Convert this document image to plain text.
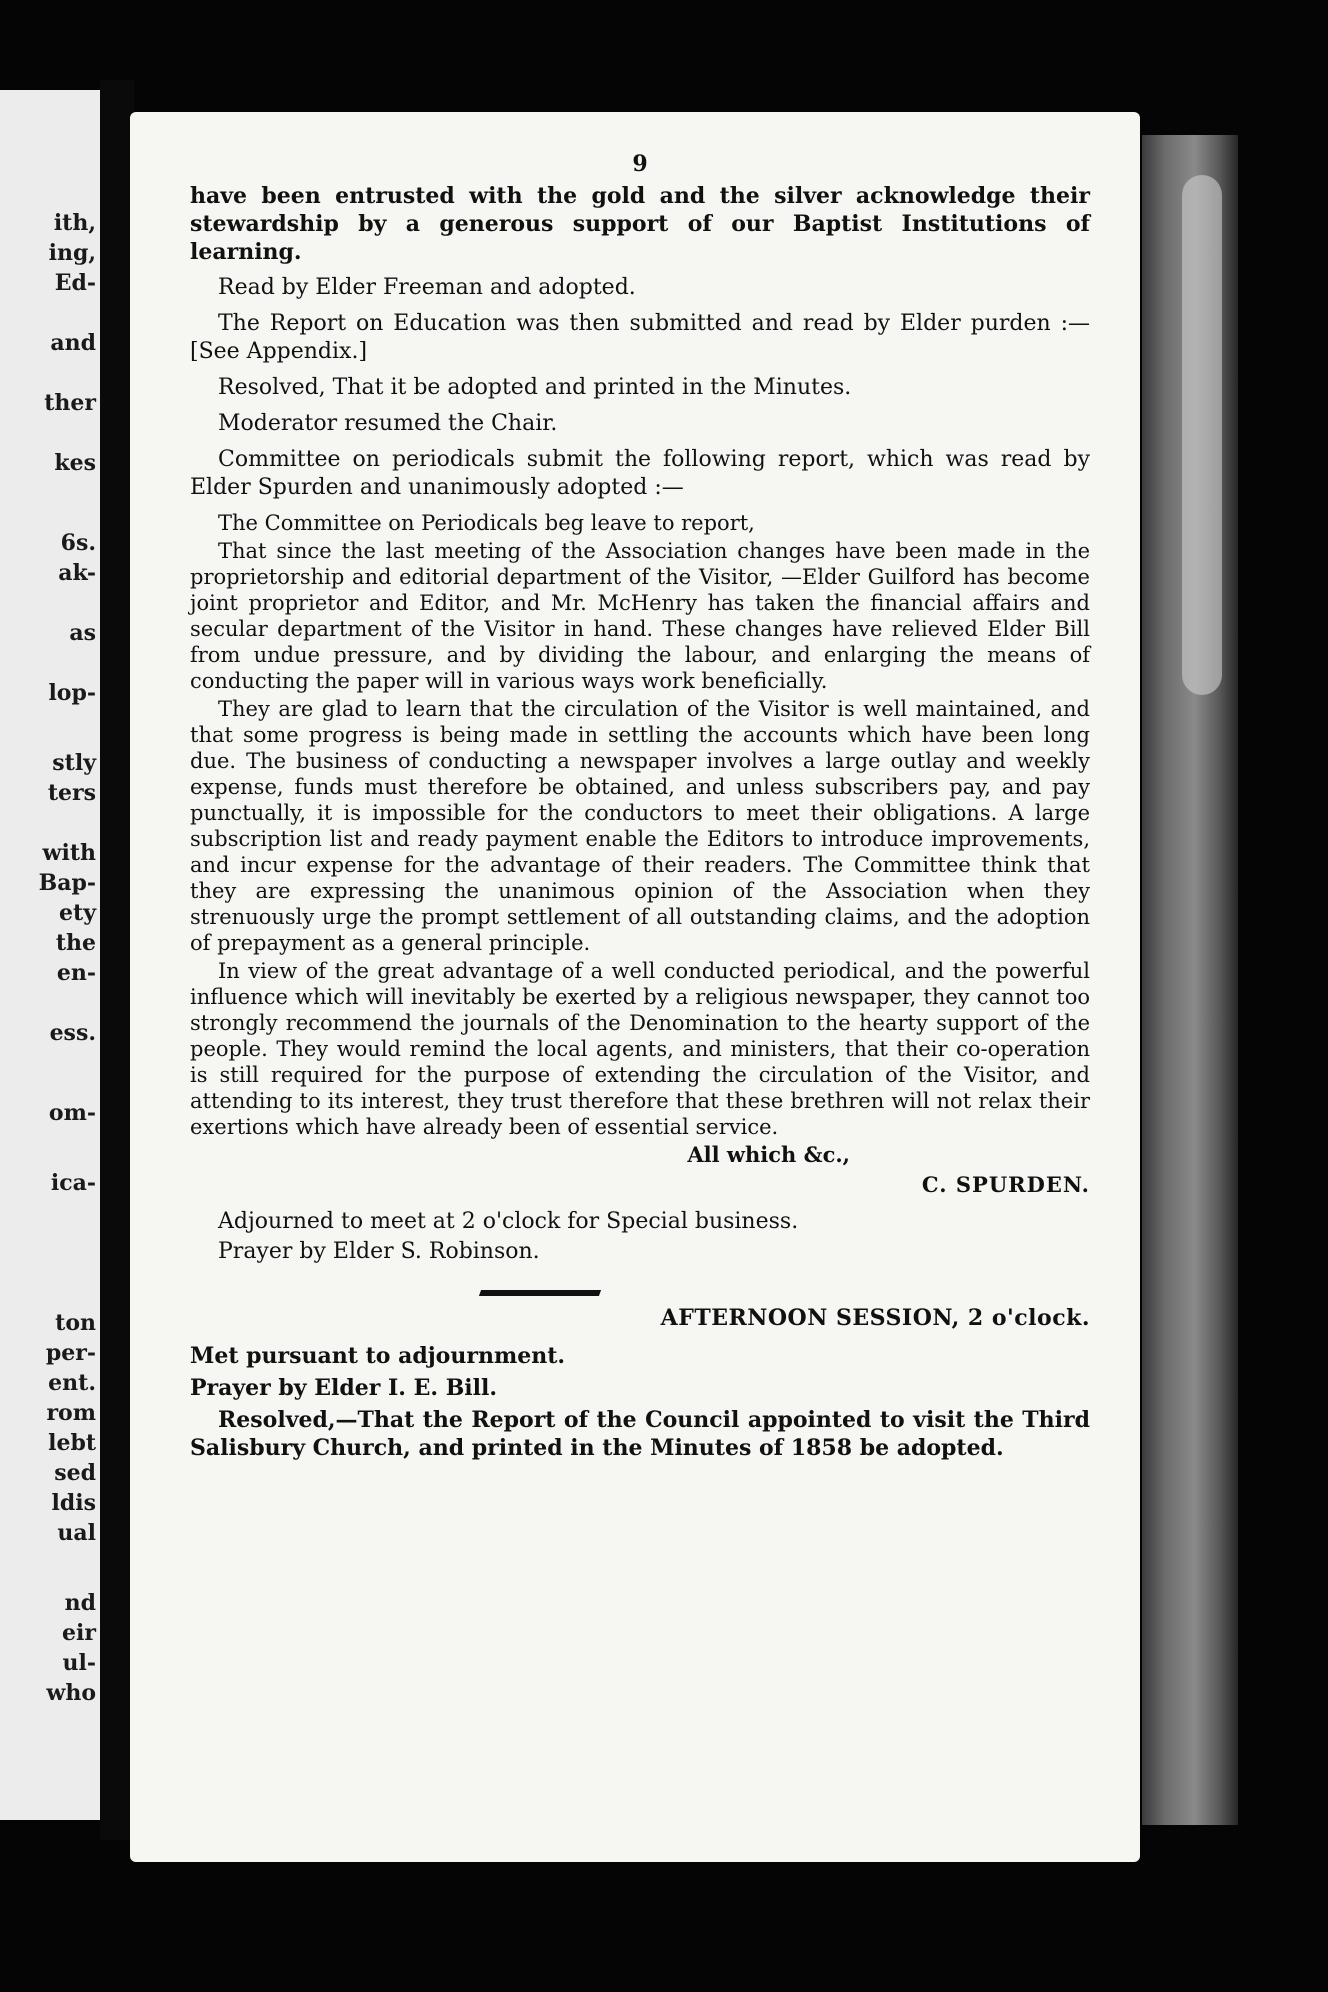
ith,
ing,
Ed-
and
ther
kes
6s.
ak-
as
lop-
stly
ters
with
Bap-
ety
the
en-
ess.
om-
ica-
ton
per-
ent.
rom
lebt
sed
ldis
ual
nd
eir
ul-
who
9

have been entrusted with the gold and the silver acknowledge their stewardship by a generous support of our Baptist Institutions of learning.

Read by Elder Freeman and adopted.

The Report on Education was then submitted and read by Elder purden :—[See Appendix.]

Resolved, That it be adopted and printed in the Minutes.

Moderator resumed the Chair.

Committee on periodicals submit the following report, which was read by Elder Spurden and unanimously adopted :—

The Committee on Periodicals beg leave to report,

That since the last meeting of the Association changes have been made in the proprietorship and editorial department of the Visitor, —Elder Guilford has become joint proprietor and Editor, and Mr. McHenry has taken the financial affairs and secular department of the Visitor in hand. These changes have relieved Elder Bill from undue pressure, and by dividing the labour, and enlarging the means of conducting the paper will in various ways work beneficially.

They are glad to learn that the circulation of the Visitor is well maintained, and that some progress is being made in settling the accounts which have been long due. The business of conducting a newspaper involves a large outlay and weekly expense, funds must therefore be obtained, and unless subscribers pay, and pay punctually, it is impossible for the conductors to meet their obligations. A large subscription list and ready payment enable the Editors to introduce improvements, and incur expense for the advantage of their readers. The Committee think that they are expressing the unanimous opinion of the Association when they strenuously urge the prompt settlement of all outstanding claims, and the adoption of prepayment as a general principle.

In view of the great advantage of a well conducted periodical, and the powerful influence which will inevitably be exerted by a religious newspaper, they cannot too strongly recommend the journals of the Denomination to the hearty support of the people. They would remind the local agents, and ministers, that their co-operation is still required for the purpose of extending the circulation of the Visitor, and attending to its interest, they trust therefore that these brethren will not relax their exertions which have already been of essential service.

All which &c.,
C. SPURDEN.

Adjourned to meet at 2 o'clock for Special business.

Prayer by Elder S. Robinson.

AFTERNOON SESSION, 2 o'clock.

Met pursuant to adjournment.

Prayer by Elder I. E. Bill.

Resolved,—That the Report of the Council appointed to visit the Third Salisbury Church, and printed in the Minutes of 1858 be adopted.
